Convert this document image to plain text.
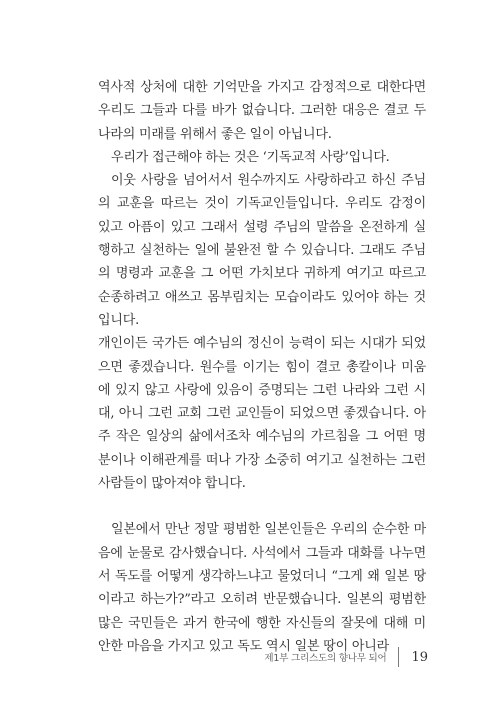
역사적 상처에 대한 기억만을 가지고 감정적으로 대한다면 우리도 그들과 다를 바가 없습니다. 그러한 대응은 결코 두 나라의 미래를 위해서 좋은 일이 아닙니다.

우리가 접근해야 하는 것은 ‘기독교적 사랑’입니다.

이웃 사랑을 넘어서서 원수까지도 사랑하라고 하신 주님의 교훈을 따르는 것이 기독교인들입니다. 우리도 감정이 있고 아픔이 있고 그래서 설령 주님의 말씀을 온전하게 실행하고 실천하는 일에 불완전 할 수 있습니다. 그래도 주님의 명령과 교훈을 그 어떤 가치보다 귀하게 여기고 따르고 순종하려고 애쓰고 몸부림치는 모습이라도 있어야 하는 것입니다.

개인이든 국가든 예수님의 정신이 능력이 되는 시대가 되었으면 좋겠습니다. 원수를 이기는 힘이 결코 총칼이나 미움에 있지 않고 사랑에 있음이 증명되는 그런 나라와 그런 시대, 아니 그런 교회 그런 교인들이 되었으면 좋겠습니다. 아주 작은 일상의 삶에서조차 예수님의 가르침을 그 어떤 명분이나 이해관계를 떠나 가장 소중히 여기고 실천하는 그런 사람들이 많아져야 합니다.

일본에서 만난 정말 평범한 일본인들은 우리의 순수한 마음에 눈물로 감사했습니다. 사석에서 그들과 대화를 나누면서 독도를 어떻게 생각하느냐고 물었더니 “그게 왜 일본 땅이라고 하는가?”라고 오히려 반문했습니다. 일본의 평범한 많은 국민들은 과거 한국에 행한 자신들의 잘못에 대해 미안한 마음을 가지고 있고 독도 역시 일본 땅이 아니라

제1부 그리스도의 향나무 되어 19
